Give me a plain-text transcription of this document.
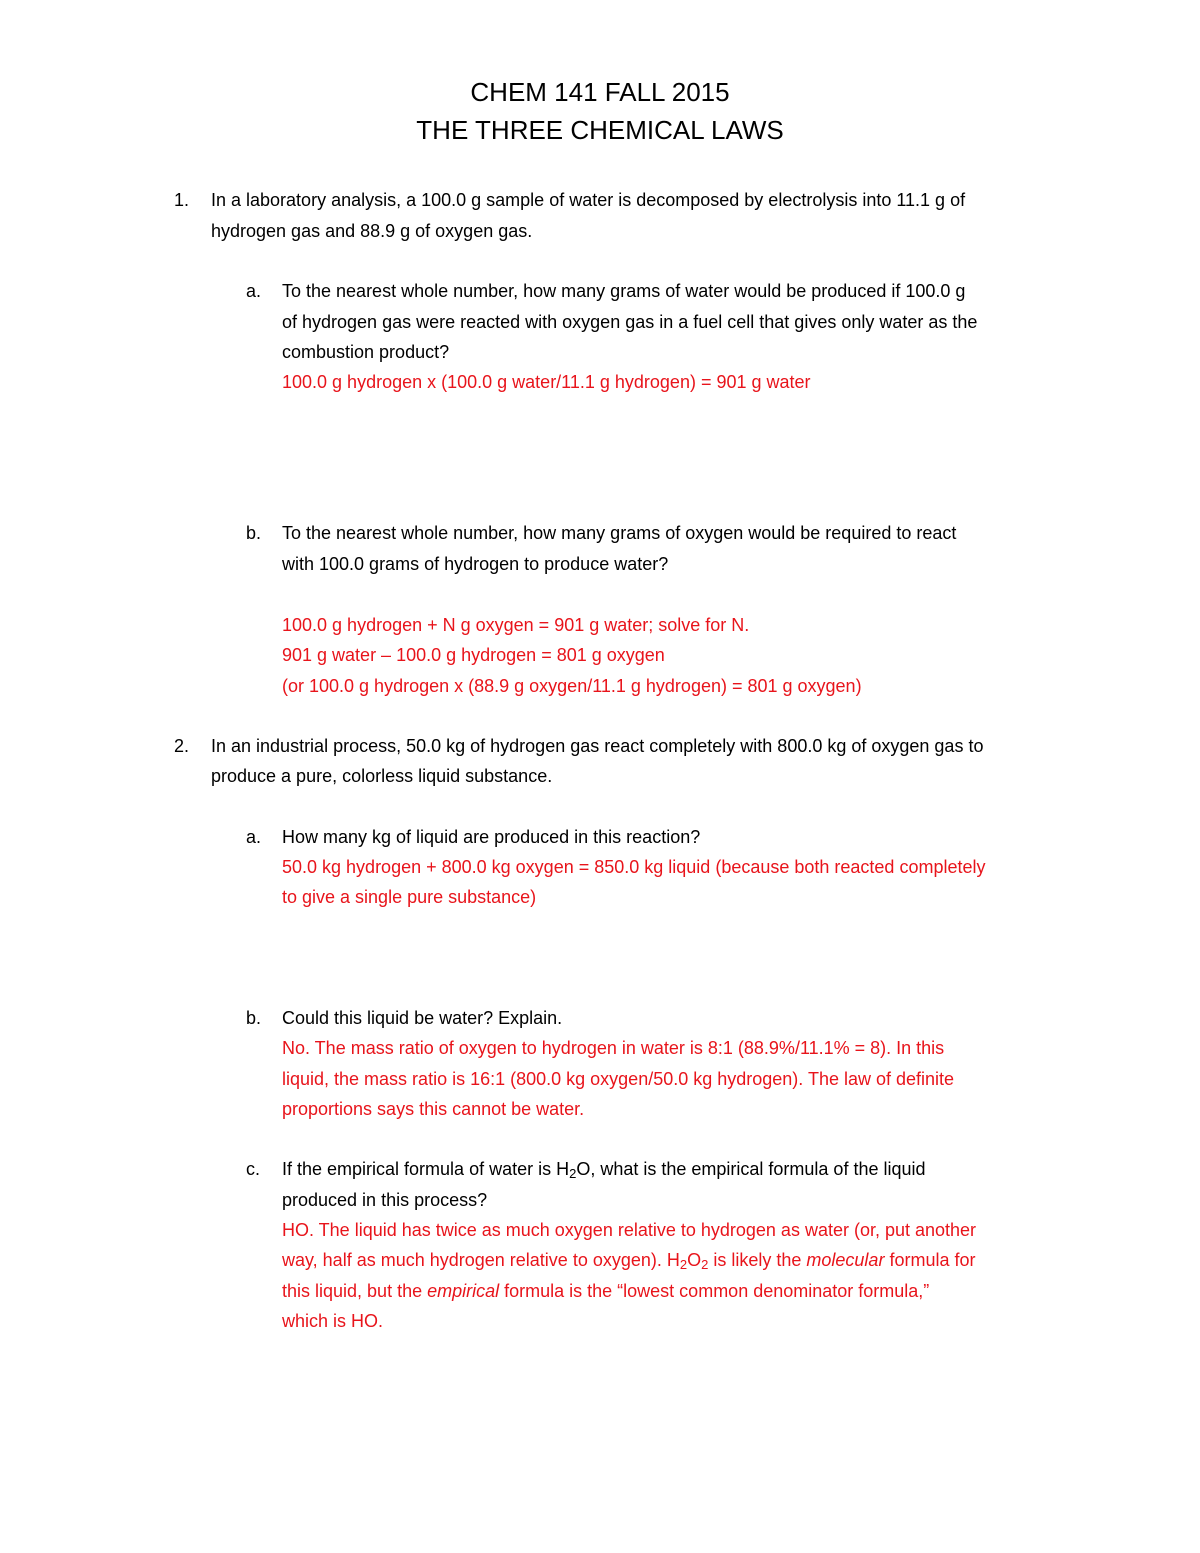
CHEM 141 FALL 2015
THE THREE CHEMICAL LAWS
1. In a laboratory analysis, a 100.0 g sample of water is decomposed by electrolysis into 11.1 g of
hydrogen gas and 88.9 g of oxygen gas.
a. To the nearest whole number, how many grams of water would be produced if 100.0 g
of hydrogen gas were reacted with oxygen gas in a fuel cell that gives only water as the
combustion product?
100.0 g hydrogen x (100.0 g water/11.1 g hydrogen) = 901 g water
b. To the nearest whole number, how many grams of oxygen would be required to react
with 100.0 grams of hydrogen to produce water?
100.0 g hydrogen + N g oxygen = 901 g water; solve for N.
901 g water – 100.0 g hydrogen = 801 g oxygen
(or 100.0 g hydrogen x (88.9 g oxygen/11.1 g hydrogen) = 801 g oxygen)
2. In an industrial process, 50.0 kg of hydrogen gas react completely with 800.0 kg of oxygen gas to
produce a pure, colorless liquid substance.
a. How many kg of liquid are produced in this reaction?
50.0 kg hydrogen + 800.0 kg oxygen = 850.0 kg liquid (because both reacted completely
to give a single pure substance)
b. Could this liquid be water? Explain.
No. The mass ratio of oxygen to hydrogen in water is 8:1 (88.9%/11.1% = 8). In this
liquid, the mass ratio is 16:1 (800.0 kg oxygen/50.0 kg hydrogen). The law of definite
proportions says this cannot be water.
c. If the empirical formula of water is $H_2O$, what is the empirical formula of the liquid
produced in this process?
HO. The liquid has twice as much oxygen relative to hydrogen as water (or, put another
way, half as much hydrogen relative to oxygen). $H_2O_2$ is likely the molecular formula for
this liquid, but the empirical formula is the “lowest common denominator formula,”
which is HO.
